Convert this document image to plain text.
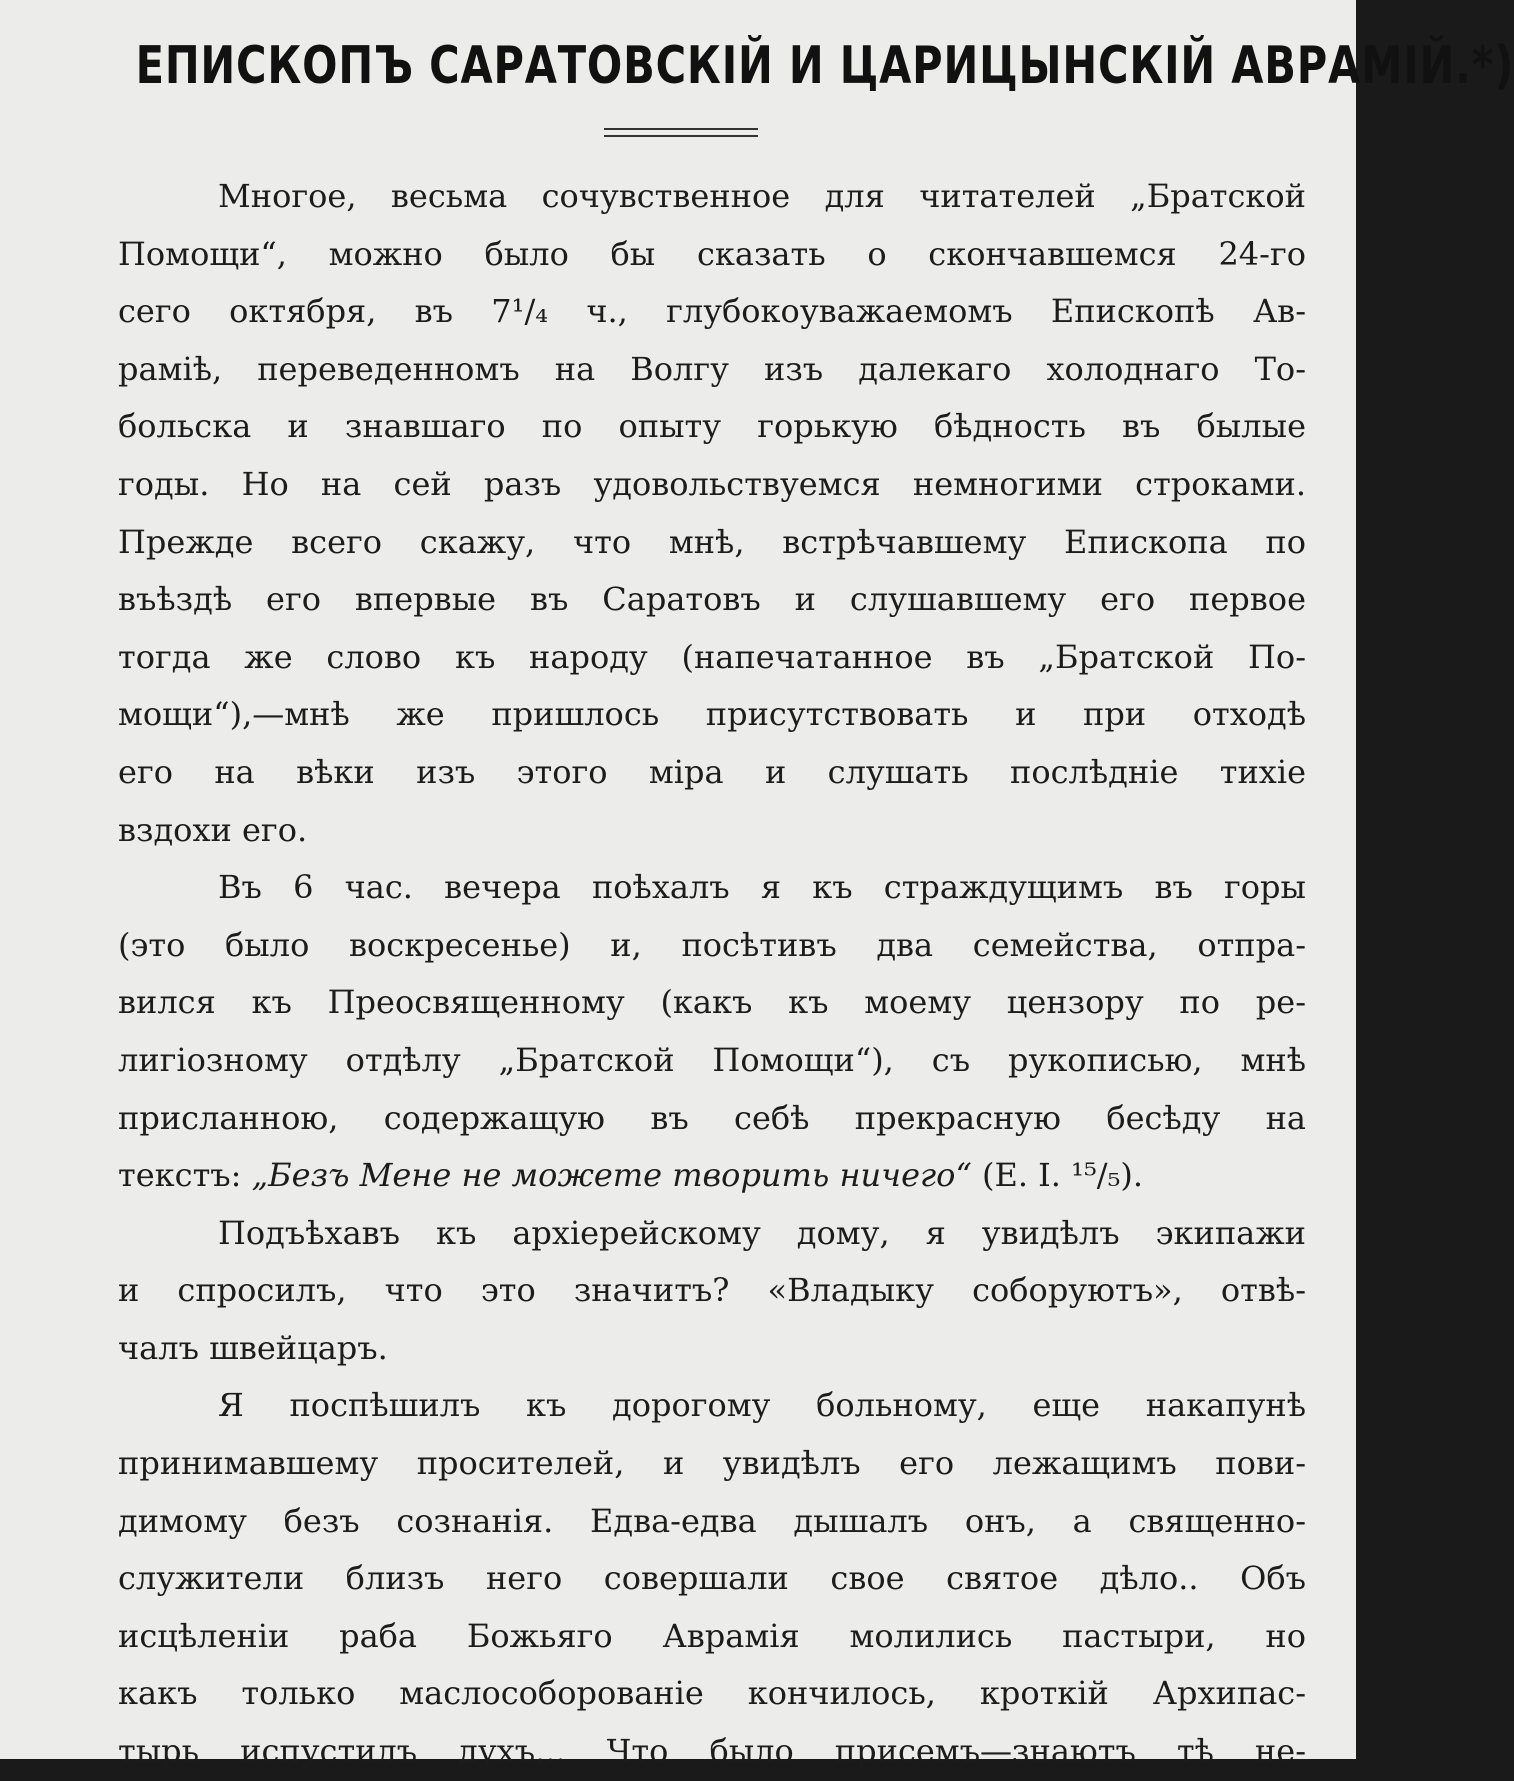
ЕПИСКОПЪ САРАТОВСКІЙ И ЦАРИЦЫНСКІЙ АВРАМІЙ.*)
Многое, весьма сочувственное для читателей „Братской
Помощи“, можно было бы сказать о скончавшемся 24-го
сего октября, въ 7¹/₄ ч., глубокоуважаемомъ Епископѣ Ав-
раміѣ, переведенномъ на Волгу изъ далекаго холоднаго То-
больска и знавшаго по опыту горькую бѣдность въ былые
годы. Но на сей разъ удовольствуемся немногими строками.
Прежде всего скажу, что мнѣ, встрѣчавшему Епископа по
въѣздѣ его впервые въ Саратовъ и слушавшему его первое
тогда же слово къ народу (напечатанное въ „Братской По-
мощи“),—мнѣ же пришлось присутствовать и при отходѣ
его на вѣки изъ этого міра и слушать послѣдніе тихіе
вздохи его.
Въ 6 час. вечера поѣхалъ я къ страждущимъ въ горы
(это было воскресенье) и, посѣтивъ два семейства, отпра-
вился къ Преосвященному (какъ къ моему цензору по ре-
лигіозному отдѣлу „Братской Помощи“), съ рукописью, мнѣ
присланною, содержащую въ себѣ прекрасную бесѣду на
текстъ: „Безъ Мене не можете творить ничего“ (Е. І. ¹⁵/₅).
Подъѣхавъ къ архіерейскому дому, я увидѣлъ экипажи
и спросилъ, что это значитъ? «Владыку соборуютъ», отвѣ-
чалъ швейцаръ.
Я поспѣшилъ къ дорогому больному, еще накапунѣ
принимавшему просителей, и увидѣлъ его лежащимъ пови-
димому безъ сознанія. Едва-едва дышалъ онъ, а священно-
служители близъ него совершали свое святое дѣло.. Объ
исцѣленіи раба Божьяго Аврамія молились пастыри, но
какъ только маслособорованіе кончилось, кроткій Архипас-
тырь испустилъ духъ... Что было присемъ—знаютъ тѣ не-
